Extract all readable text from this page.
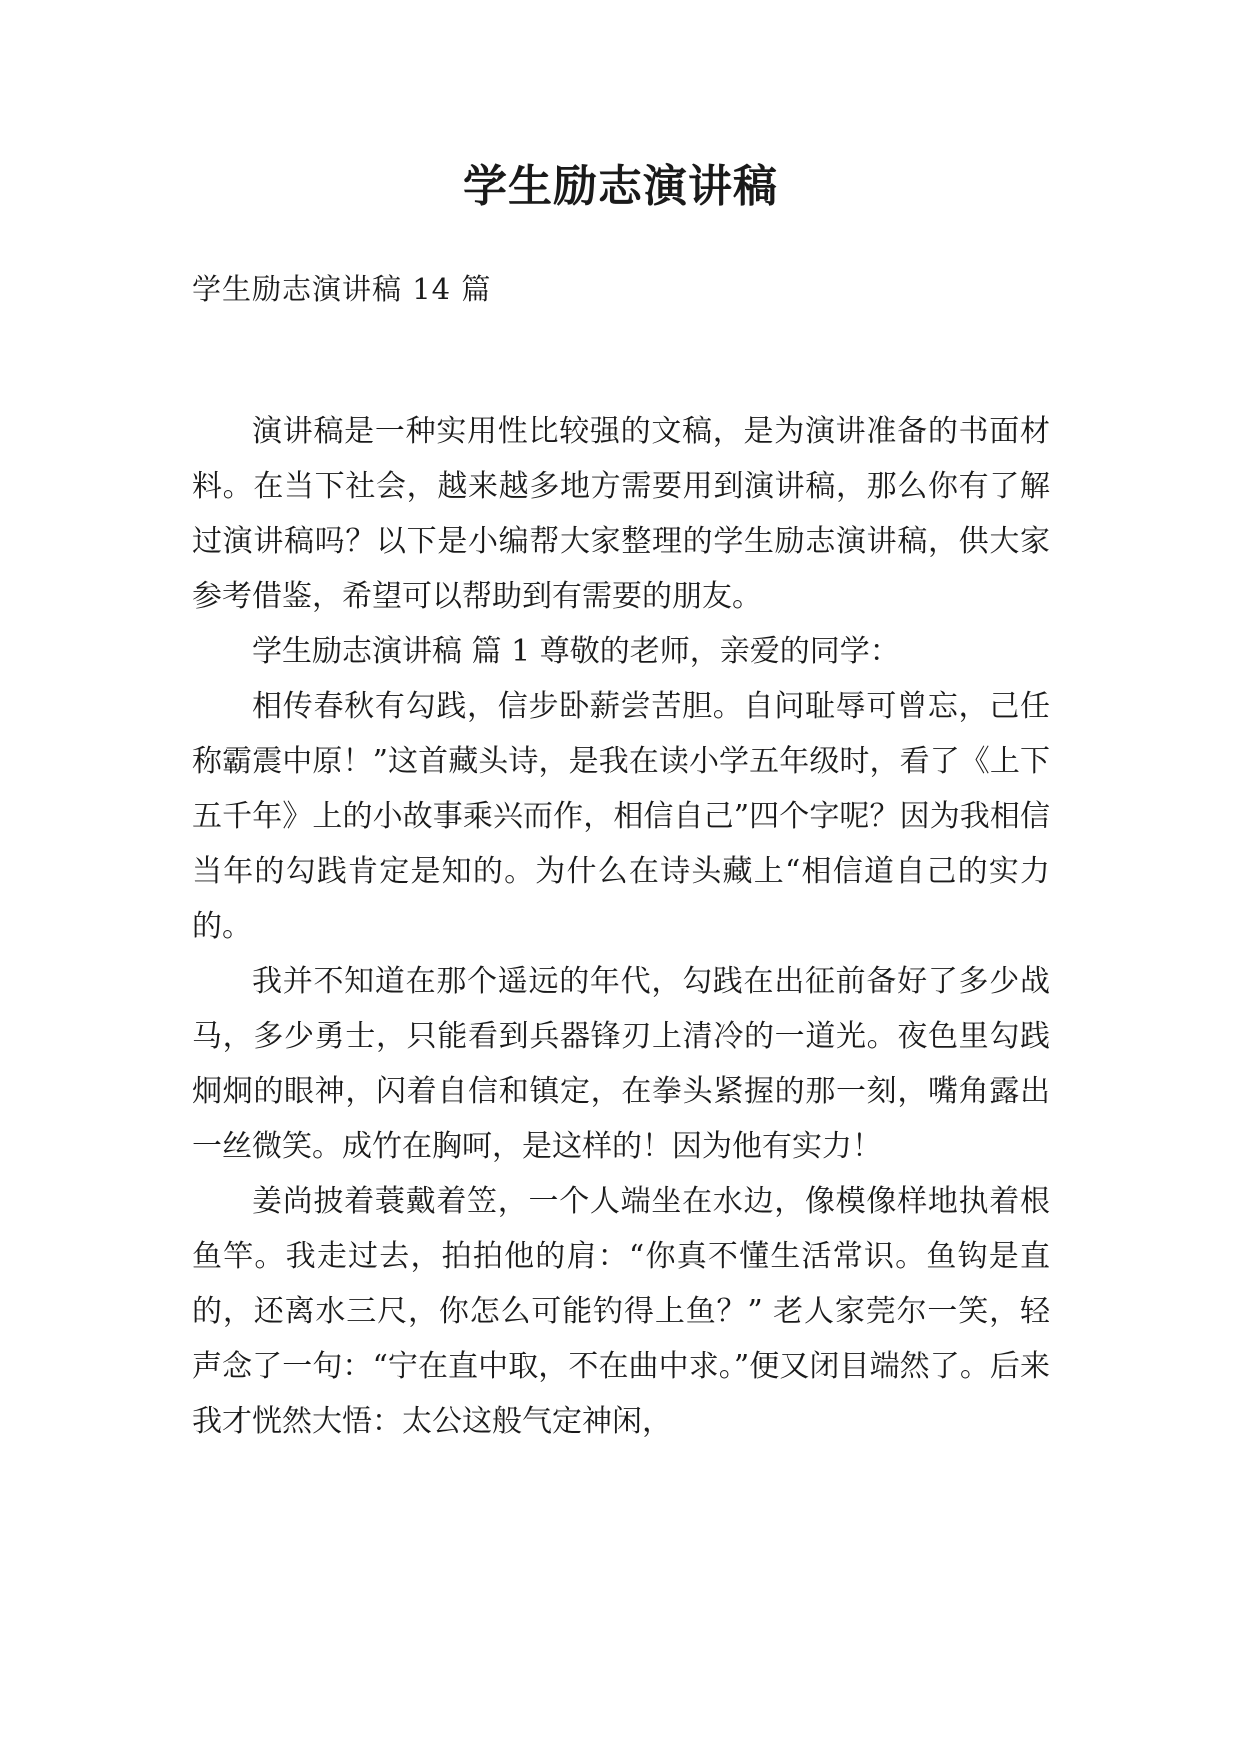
学生励志演讲稿
学生励志演讲稿 14 篇

演讲稿是一种实用性比较强的文稿，是为演讲准备的书面材料。在当下社会，越来越多地方需要用到演讲稿，那么你有了解过演讲稿吗？以下是小编帮大家整理的学生励志演讲稿，供大家参考借鉴，希望可以帮助到有需要的朋友。

学生励志演讲稿 篇 1 尊敬的老师，亲爱的同学：

相传春秋有勾践，信步卧薪尝苦胆。自问耻辱可曾忘，己任称霸震中原！”这首藏头诗，是我在读小学五年级时，看了《上下五千年》上的小故事乘兴而作，相信自己”四个字呢？因为我相信当年的勾践肯定是知的。为什么在诗头藏上“相信道自己的实力的。

我并不知道在那个遥远的年代，勾践在出征前备好了多少战马，多少勇士，只能看到兵器锋刃上清冷的一道光。夜色里勾践炯炯的眼神，闪着自信和镇定，在拳头紧握的那一刻，嘴角露出一丝微笑。成竹在胸呵，是这样的！因为他有实力！

姜尚披着蓑戴着笠，一个人端坐在水边，像模像样地执着根鱼竿。我走过去，拍拍他的肩：“你真不懂生活常识。鱼钩是直的，还离水三尺，你怎么可能钓得上鱼？” 老人家莞尔一笑，轻声念了一句：“宁在直中取，不在曲中求。”便又闭目端然了。后来我才恍然大悟：太公这般气定神闲，
